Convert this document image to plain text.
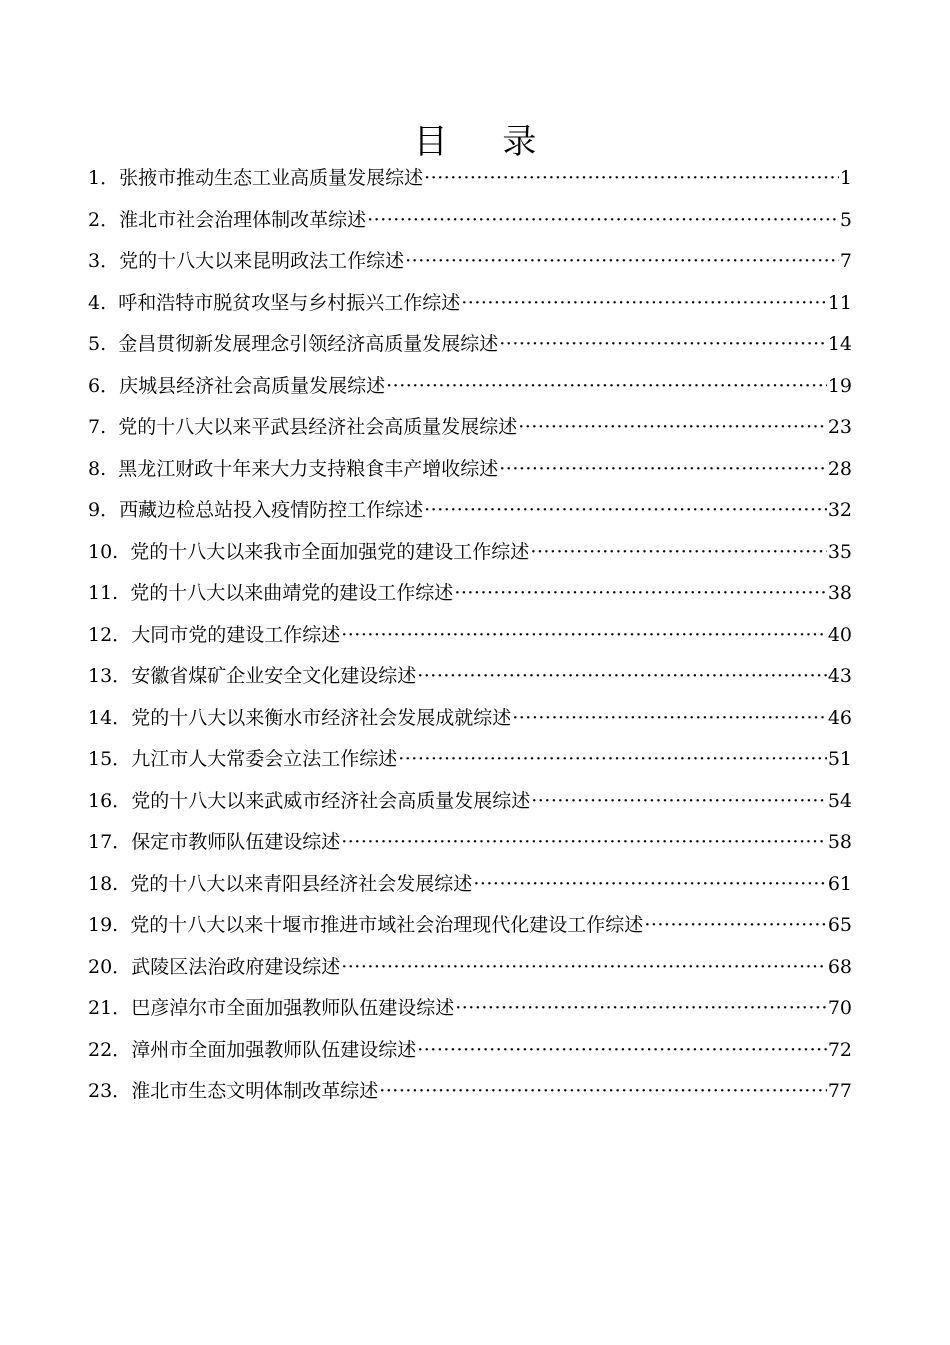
目 录
1． 张掖市推动生态工业高质量发展综述 ·····	1
2． 淮北市社会治理体制改革综述 ·····	5
3． 党的十八大以来昆明政法工作综述 ·····	7
4. 呼和浩特市脱贫攻坚与乡村振兴工作综述 ·····	11
5. 金昌贯彻新发展理念引领经济高质量发展综述 ·····	14
6． 庆城县经济社会高质量发展综述 ·····	19
7. 党的十八大以来平武县经济社会高质量发展综述 ·····	23
8. 黑龙江财政十年来大力支持粮食丰产增收综述 ·····	28
9． 西藏边检总站投入疫情防控工作综述 ·····	32
10. 党的十八大以来我市全面加强党的建设工作综述 ·····	35
11. 党的十八大以来曲靖党的建设工作综述 ·····	38
12． 大同市党的建设工作综述 ·····	40
13． 安徽省煤矿企业安全文化建设综述 ·····	43
14． 党的十八大以来衡水市经济社会发展成就综述 ·····	46
15． 九江市人大常委会立法工作综述 ·····	51
16． 党的十八大以来武威市经济社会高质量发展综述 ·····	54
17． 保定市教师队伍建设综述 ·····	58
18. 党的十八大以来青阳县经济社会发展综述 ·····	61
19. 党的十八大以来十堰市推进市域社会治理现代化建设工作综述 ·····	65
20． 武陵区法治政府建设综述 ·····	68
21． 巴彦淖尔市全面加强教师队伍建设综述 ·····	70
22． 漳州市全面加强教师队伍建设综述 ·····	72
23． 淮北市生态文明体制改革综述 ·····	77
